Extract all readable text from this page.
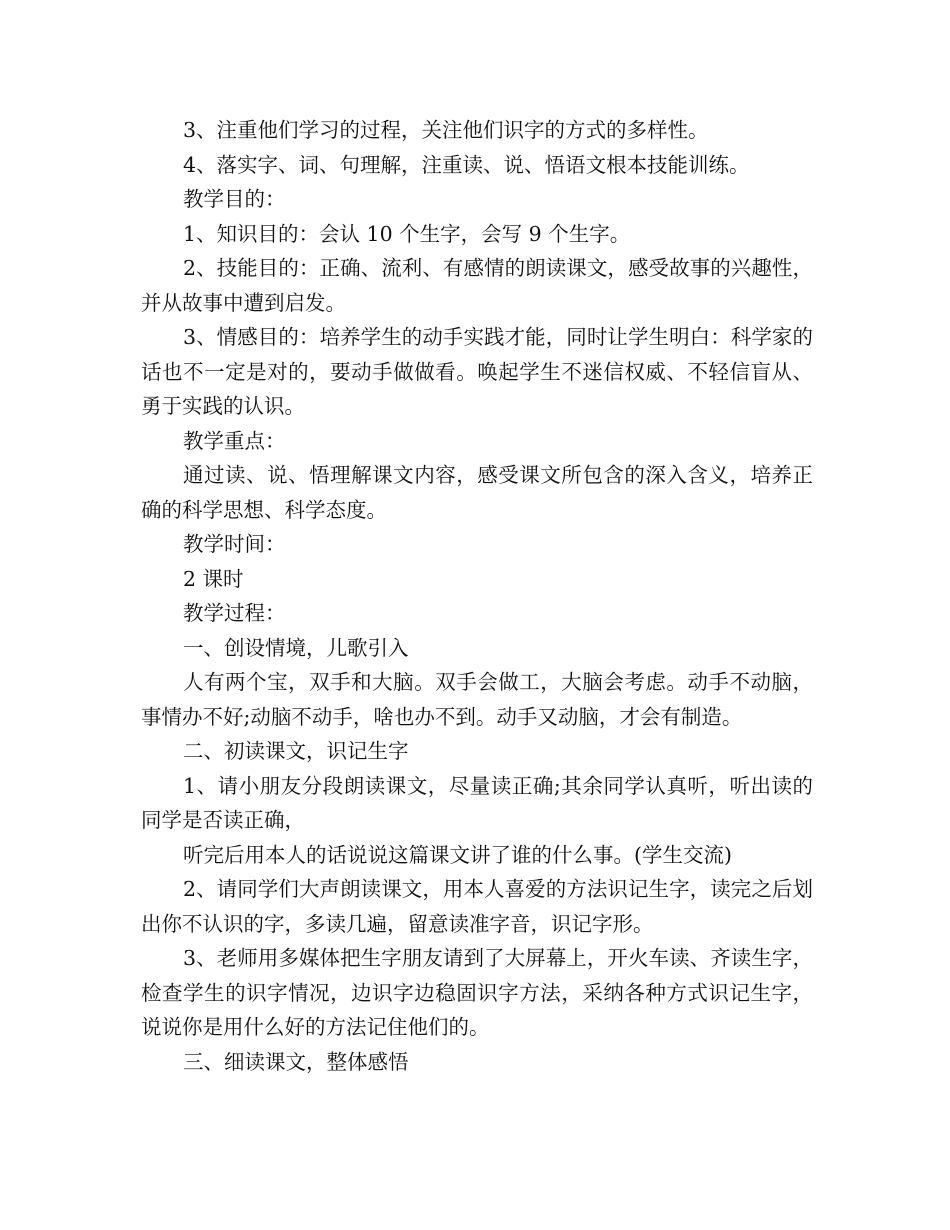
3、注重他们学习的过程，关注他们识字的方式的多样性。

4、落实字、词、句理解，注重读、说、悟语文根本技能训练。

教学目的：

1、知识目的：会认 10 个生字，会写 9 个生字。

2、技能目的：正确、流利、有感情的朗读课文，感受故事的兴趣性，并从故事中遭到启发。

3、情感目的：培养学生的动手实践才能，同时让学生明白：科学家的话也不一定是对的，要动手做做看。唤起学生不迷信权威、不轻信盲从、勇于实践的认识。

教学重点：

通过读、说、悟理解课文内容，感受课文所包含的深入含义，培养正确的科学思想、科学态度。

教学时间：

2 课时

教学过程：

一、创设情境，儿歌引入

人有两个宝，双手和大脑。双手会做工，大脑会考虑。动手不动脑，事情办不好;动脑不动手，啥也办不到。动手又动脑，才会有制造。

二、初读课文，识记生字

1、请小朋友分段朗读课文，尽量读正确;其余同学认真听，听出读的同学是否读正确，

听完后用本人的话说说这篇课文讲了谁的什么事。(学生交流)

2、请同学们大声朗读课文，用本人喜爱的方法识记生字，读完之后划出你不认识的字，多读几遍，留意读准字音，识记字形。

3、老师用多媒体把生字朋友请到了大屏幕上，开火车读、齐读生字，检查学生的识字情况，边识字边稳固识字方法，采纳各种方式识记生字，说说你是用什么好的方法记住他们的。

三、细读课文，整体感悟
